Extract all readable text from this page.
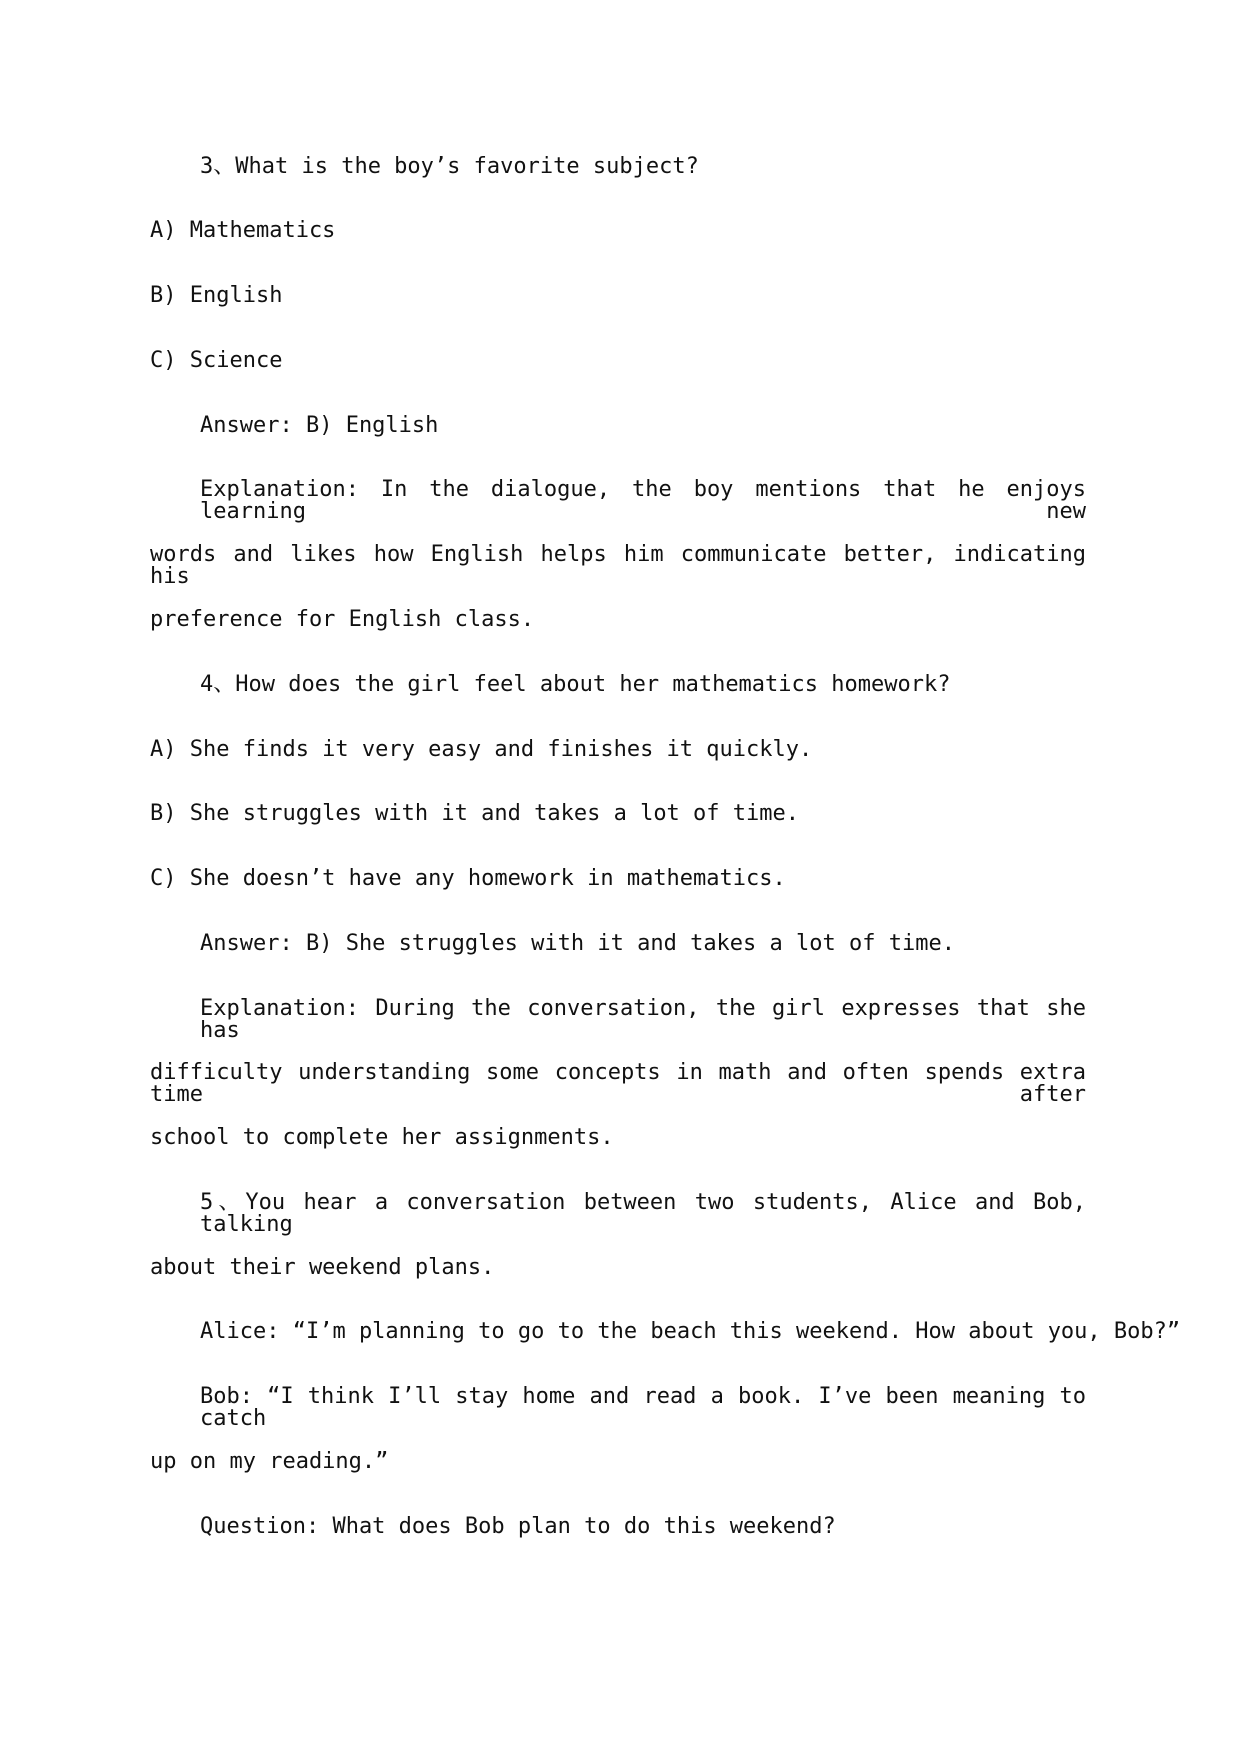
3、What is the boy’s favorite subject?
A) Mathematics
B) English
C) Science
Answer: B) English
Explanation: In the dialogue, the boy mentions that he enjoys learning new
words and likes how English helps him communicate better, indicating his
preference for English class.
4、How does the girl feel about her mathematics homework?
A) She finds it very easy and finishes it quickly.
B) She struggles with it and takes a lot of time.
C) She doesn’t have any homework in mathematics.
Answer: B) She struggles with it and takes a lot of time.
Explanation: During the conversation, the girl expresses that she has
difficulty understanding some concepts in math and often spends extra time after
school to complete her assignments.
5、You hear a conversation between two students, Alice and Bob, talking
about their weekend plans.
Alice: “I’m planning to go to the beach this weekend. How about you, Bob?”
Bob: “I think I’ll stay home and read a book. I’ve been meaning to catch
up on my reading.”
Question: What does Bob plan to do this weekend?
